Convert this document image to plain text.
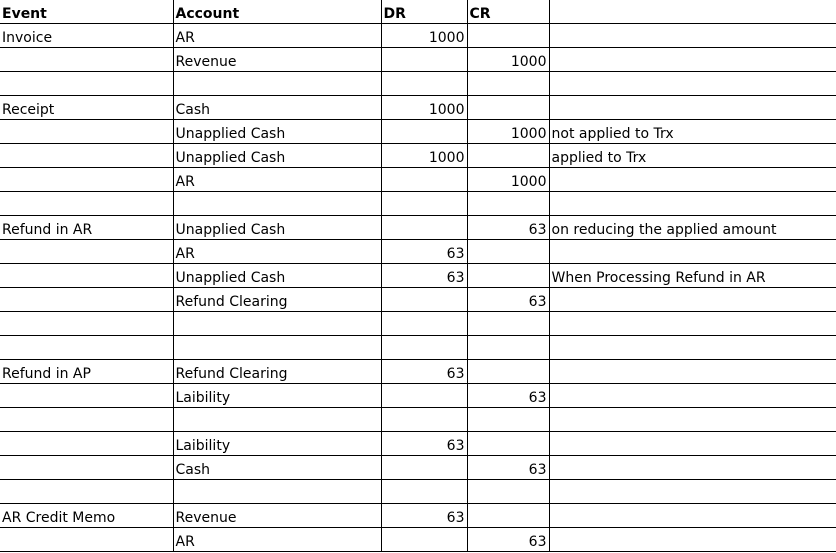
Event	Account	DR	CR	
Invoice	AR	1000		
	Revenue		1000	

Receipt	Cash	1000		
	Unapplied Cash		1000	not applied to Trx
	Unapplied Cash	1000		applied to Trx
	AR		1000	

Refund in AR	Unapplied Cash		63	on reducing the applied amount
	AR	63		
	Unapplied Cash	63		When Processing Refund in AR
	Refund Clearing		63	

Refund in AP	Refund Clearing	63		
	Laibility		63	

	Laibility	63		
	Cash		63	

AR Credit Memo	Revenue	63		
	AR		63	
